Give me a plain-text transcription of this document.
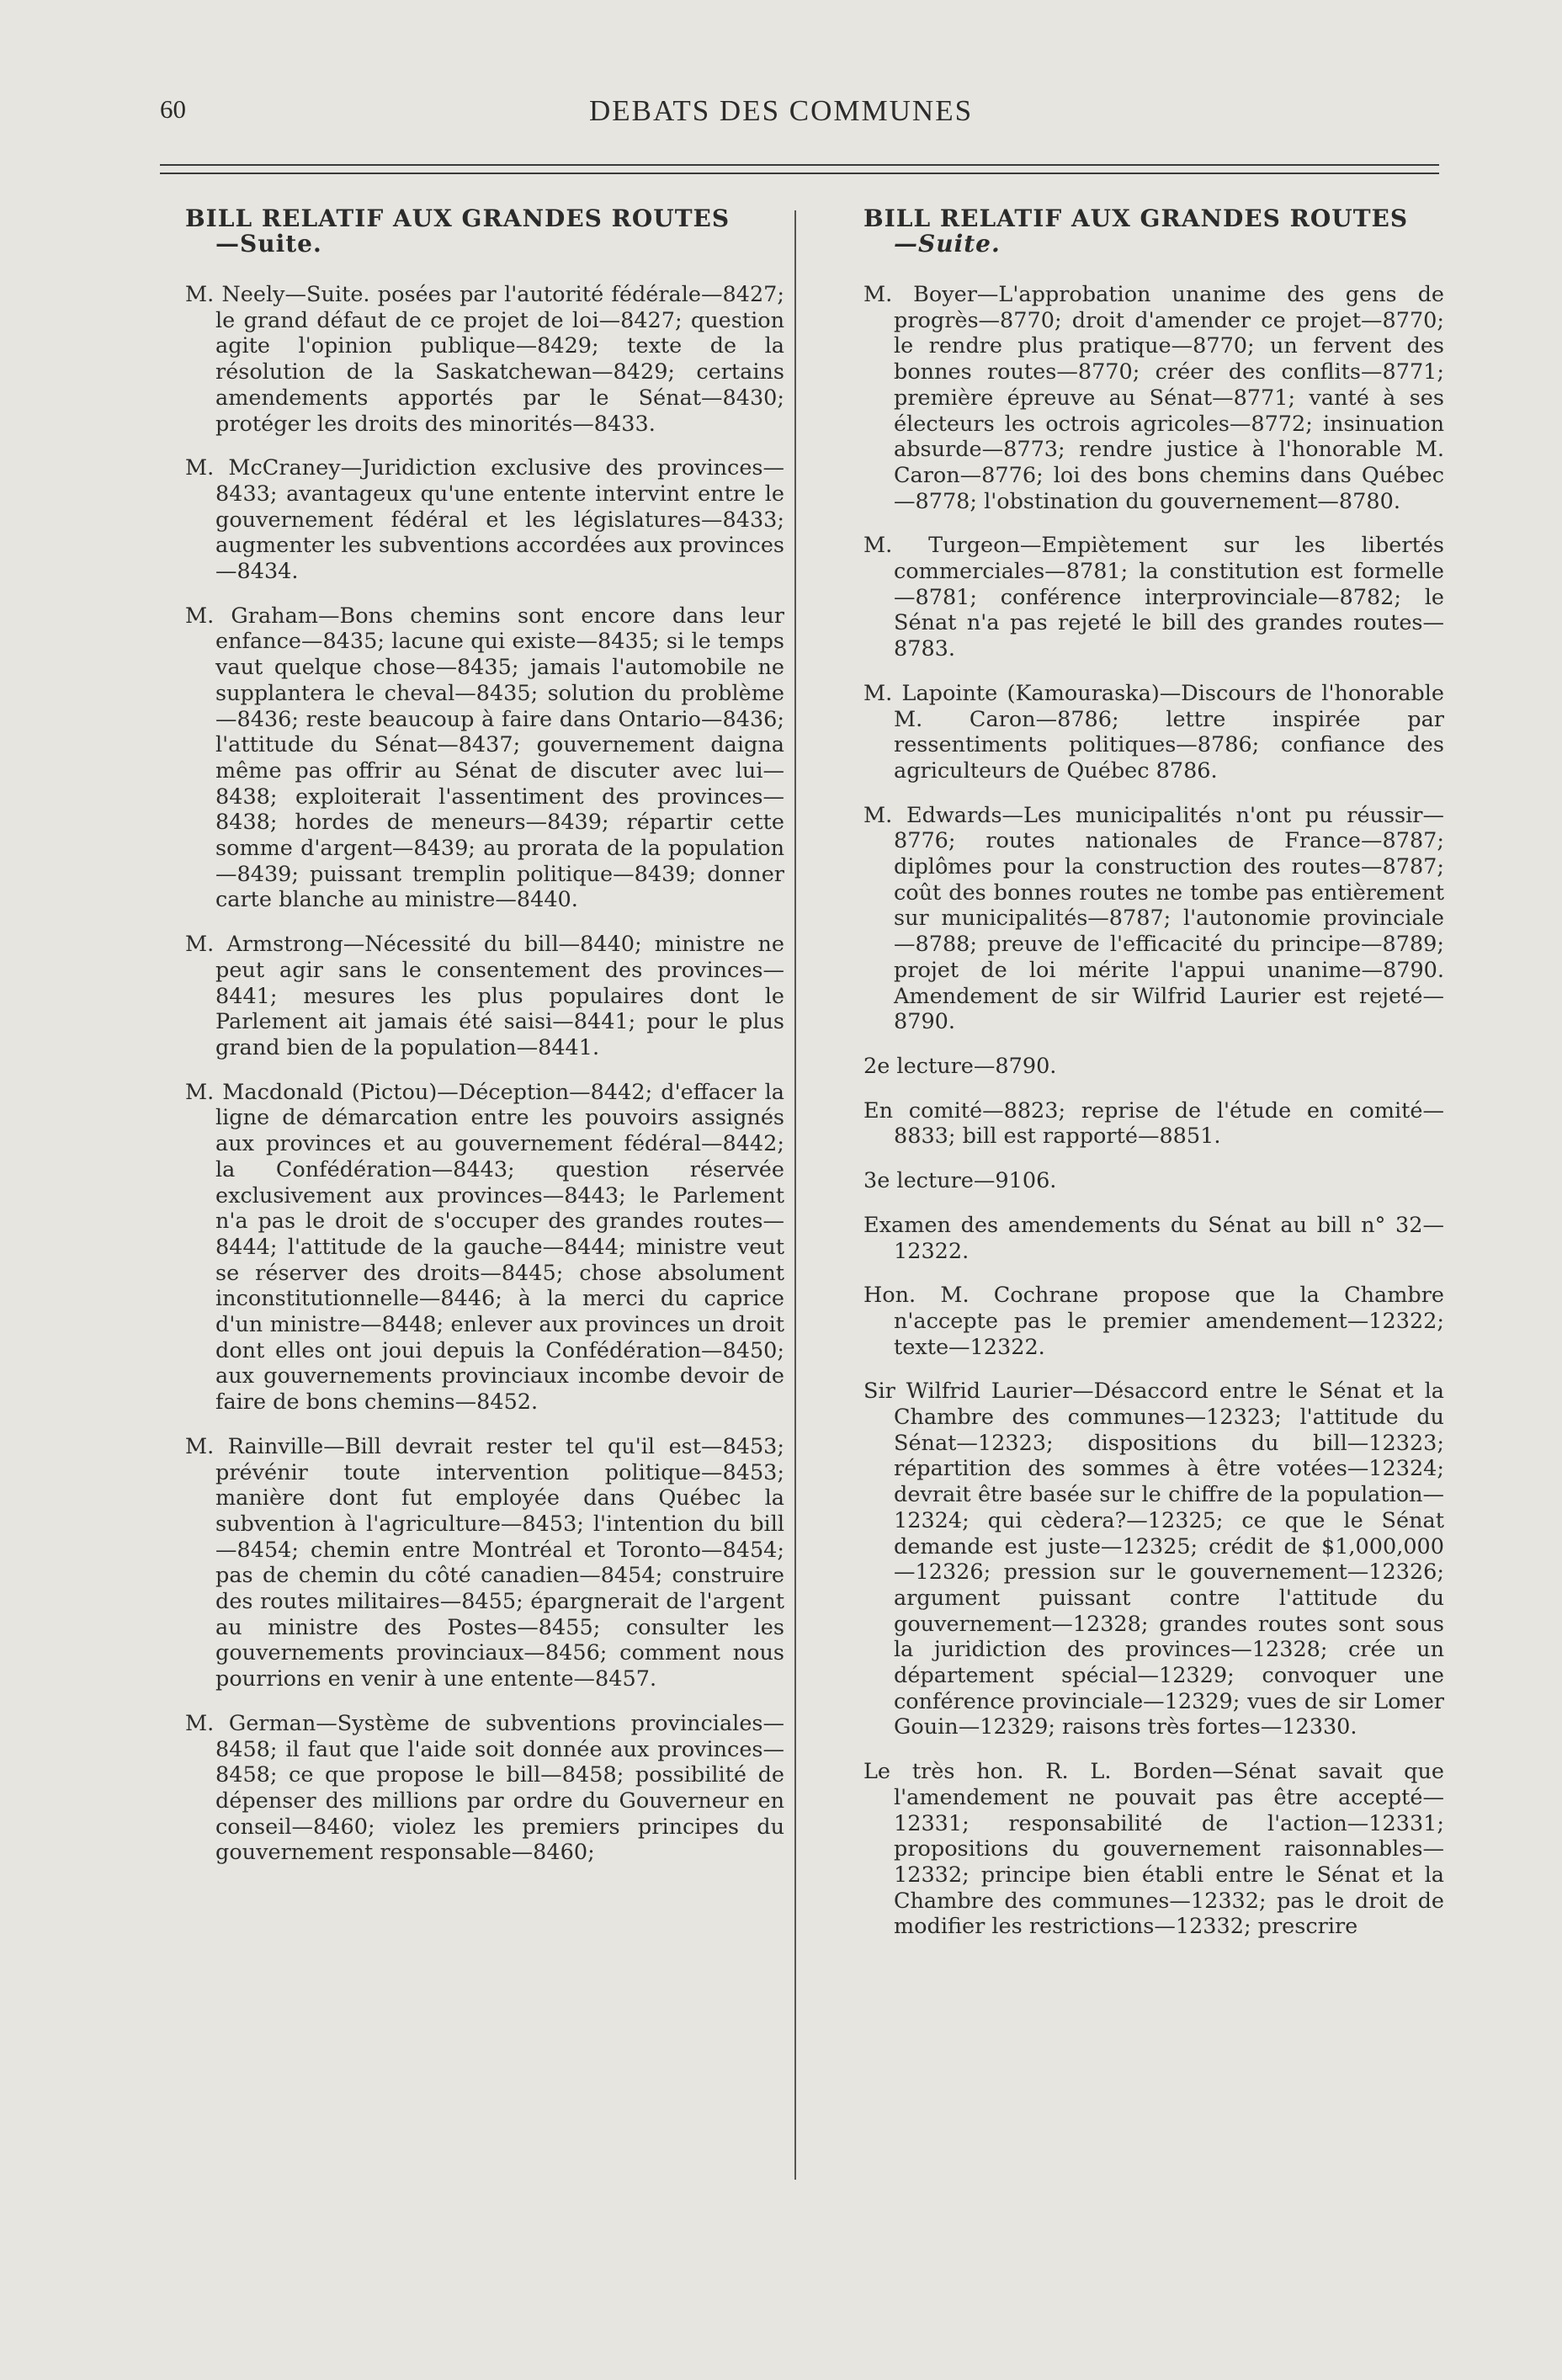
60	DEBATS DES COMMUNES
BILL RELATIF AUX GRANDES ROUTES
—Suite.

M. Neely—Suite. posées par l'autorité fédérale—8427; le grand défaut de ce projet de loi—8427; question agite l'opinion publique—8429; texte de la résolution de la Saskatchewan—8429; certains amendements apportés par le Sénat—8430; protéger les droits des minorités—8433.

M. McCraney—Juridiction exclusive des provinces—8433; avantageux qu'une entente intervint entre le gouvernement fédéral et les législatures—8433; augmenter les subventions accordées aux provinces—8434.

M. Graham—Bons chemins sont encore dans leur enfance—8435; lacune qui existe—8435; si le temps vaut quelque chose—8435; jamais l'automobile ne supplantera le cheval—8435; solution du problème—8436; reste beaucoup à faire dans Ontario—8436; l'attitude du Sénat—8437; gouvernement daigna même pas offrir au Sénat de discuter avec lui—8438; exploiterait l'assentiment des provinces—8438; hordes de meneurs—8439; répartir cette somme d'argent—8439; au prorata de la population—8439; puissant tremplin politique—8439; donner carte blanche au ministre—8440.

M. Armstrong—Nécessité du bill—8440; ministre ne peut agir sans le consentement des provinces—8441; mesures les plus populaires dont le Parlement ait jamais été saisi—8441; pour le plus grand bien de la population—8441.

M. Macdonald (Pictou)—Déception—8442; d'effacer la ligne de démarcation entre les pouvoirs assignés aux provinces et au gouvernement fédéral—8442; la Confédération—8443; question réservée exclusivement aux provinces—8443; le Parlement n'a pas le droit de s'occuper des grandes routes—8444; l'attitude de la gauche—8444; ministre veut se réserver des droits—8445; chose absolument inconstitutionnelle—8446; à la merci du caprice d'un ministre—8448; enlever aux provinces un droit dont elles ont joui depuis la Confédération—8450; aux gouvernements provinciaux incombe devoir de faire de bons chemins—8452.

M. Rainville—Bill devrait rester tel qu'il est—8453; prévénir toute intervention politique—8453; manière dont fut employée dans Québec la subvention à l'agriculture—8453; l'intention du bill—8454; chemin entre Montréal et Toronto—8454; pas de chemin du côté canadien—8454; construire des routes militaires—8455; épargnerait de l'argent au ministre des Postes—8455; consulter les gouvernements provinciaux—8456; comment nous pourrions en venir à une entente—8457.

M. German—Système de subventions provinciales—8458; il faut que l'aide soit donnée aux provinces—8458; ce que propose le bill—8458; possibilité de dépenser des millions par ordre du Gouverneur en conseil—8460; violez les premiers principes du gouvernement responsable—8460;

BILL RELATIF AUX GRANDES ROUTES
—Suite.

M. Boyer—L'approbation unanime des gens de progrès—8770; droit d'amender ce projet—8770; le rendre plus pratique—8770; un fervent des bonnes routes—8770; créer des conflits—8771; première épreuve au Sénat—8771; vanté à ses électeurs les octrois agricoles—8772; insinuation absurde—8773; rendre justice à l'honorable M. Caron—8776; loi des bons chemins dans Québec—8778; l'obstination du gouvernement—8780.

M. Turgeon—Empiètement sur les libertés commerciales—8781; la constitution est formelle—8781; conférence interprovinciale—8782; le Sénat n'a pas rejeté le bill des grandes routes—8783.

M. Lapointe (Kamouraska)—Discours de l'honorable M. Caron—8786; lettre inspirée par ressentiments politiques—8786; confiance des agriculteurs de Québec 8786.

M. Edwards—Les municipalités n'ont pu réussir—8776; routes nationales de France—8787; diplômes pour la construction des routes—8787; coût des bonnes routes ne tombe pas entièrement sur municipalités—8787; l'autonomie provinciale—8788; preuve de l'efficacité du principe—8789; projet de loi mérite l'appui unanime—8790. Amendement de sir Wilfrid Laurier est rejeté—8790.

2e lecture—8790.

En comité—8823; reprise de l'étude en comité—8833; bill est rapporté—8851.

3e lecture—9106.

Examen des amendements du Sénat au bill n° 32—12322.

Hon. M. Cochrane propose que la Chambre n'accepte pas le premier amendement—12322; texte—12322.

Sir Wilfrid Laurier—Désaccord entre le Sénat et la Chambre des communes—12323; l'attitude du Sénat—12323; dispositions du bill—12323; répartition des sommes à être votées—12324; devrait être basée sur le chiffre de la population—12324; qui cèdera?—12325; ce que le Sénat demande est juste—12325; crédit de $1,000,000—12326; pression sur le gouvernement—12326; argument puissant contre l'attitude du gouvernement—12328; grandes routes sont sous la juridiction des provinces—12328; crée un département spécial—12329; convoquer une conférence provinciale—12329; vues de sir Lomer Gouin—12329; raisons très fortes—12330.

Le très hon. R. L. Borden—Sénat savait que l'amendement ne pouvait pas être accepté—12331; responsabilité de l'action—12331; propositions du gouvernement raisonnables—12332; principe bien établi entre le Sénat et la Chambre des communes—12332; pas le droit de modifier les restrictions—12332; prescrire
